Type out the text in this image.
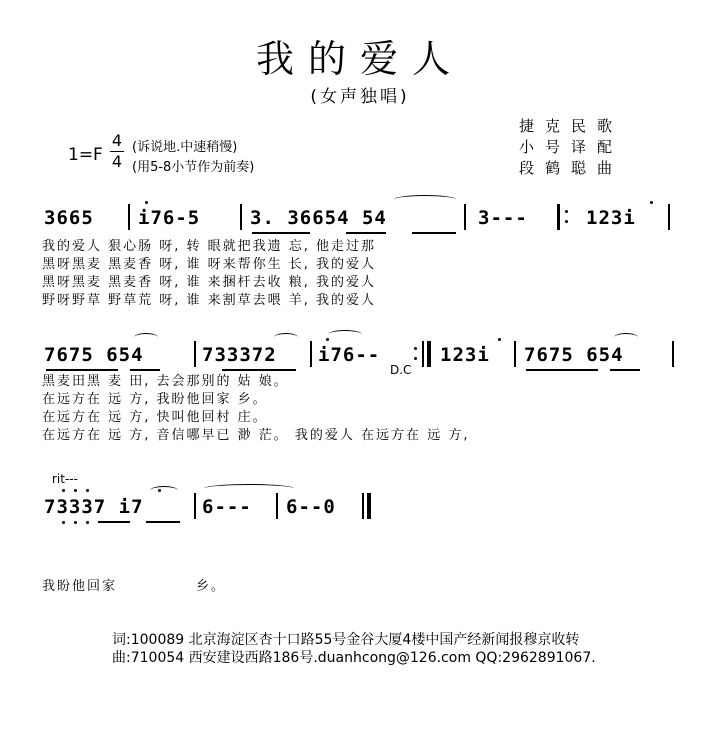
我的爱人
(女声独唱)
1=F
4
4
(诉说地.中速稍慢)
(用5-8小节作为前奏)
捷克民歌
小号译配
段鹤聪曲
3665 i76-5	3. 36654 54	3---	123i
我的爱人 狠心肠 呀, 转 眼就把我遗 忘, 他走过那
黑呀黑麦 黑麦香 呀, 谁 呀来帮你生 长, 我的爱人
黑呀黑麦 黑麦香 呀, 谁 来捆杆去收 粮, 我的爱人
野呀野草 野草荒 呀, 谁 来割草去喂 羊, 我的爱人
7675 654	733372 i76--
D.C
123i 7675 654
黑麦田黑 麦 田, 去会那别的 姑 娘。
在远方在 远 方, 我盼他回家 乡。
在远方在 远 方, 快叫他回村 庄。
在远方在 远 方, 音信哪早已 渺 茫。 我的爱人 在远方在 远 方,
rit---
73337 i7	6--- 6--0
我盼他回家	乡。
词:100089 北京海淀区杏十口路55号金谷大厦4楼中国产经新闻报穆京收转
曲:710054 西安建设西路186号.duanhcong@126.com QQ:2962891067.
